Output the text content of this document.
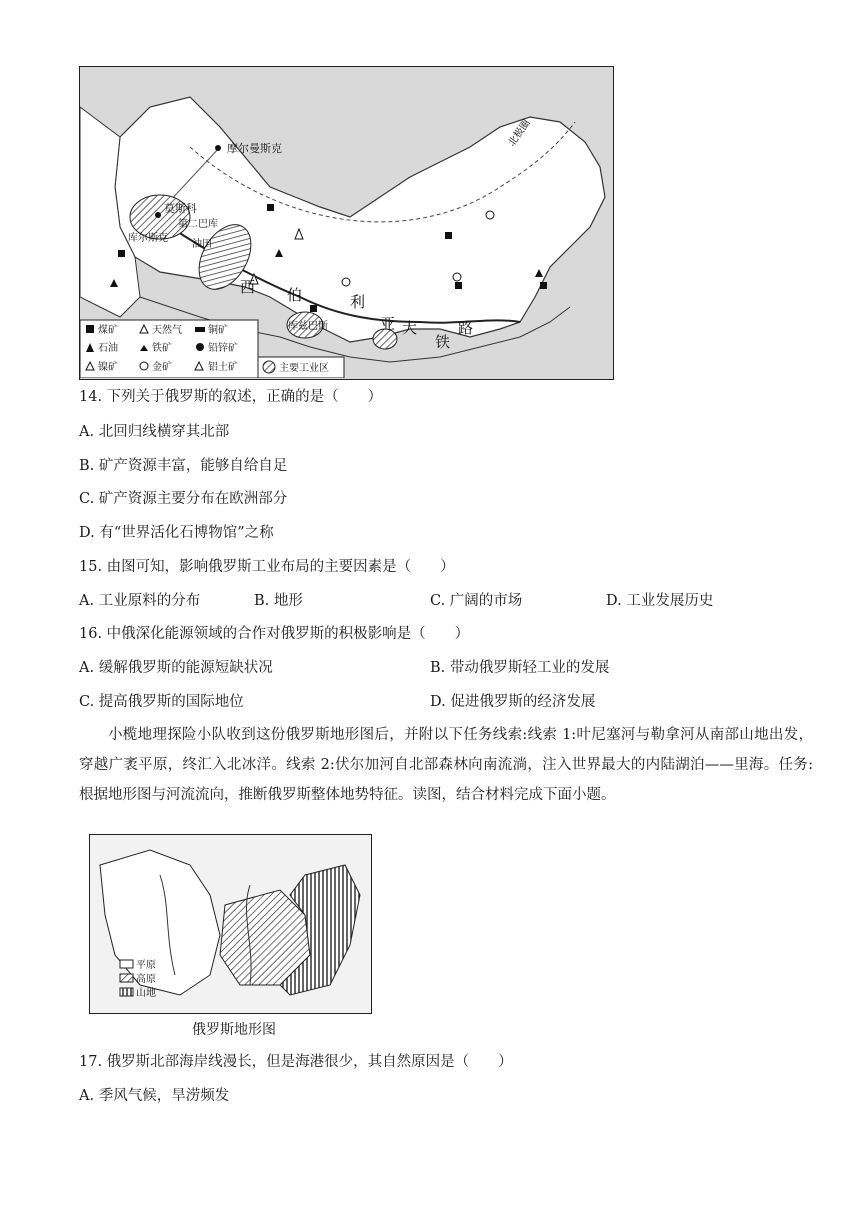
摩尔曼斯克
莫斯科
第二巴库
油田
库尔斯克
库兹巴斯
北极圈
西 伯	利
亚 大	路
铁
煤矿	天然气	铜矿
石油	铁矿	铅锌矿
镍矿	金矿	铝土矿	主要工业区
14. 下列关于俄罗斯的叙述，正确的是（　　）
A. 北回归线横穿其北部
B. 矿产资源丰富，能够自给自足
C. 矿产资源主要分布在欧洲部分
D. 有“世界活化石博物馆”之称
15. 由图可知，影响俄罗斯工业布局的主要因素是（　　）
A. 工业原料的分布	B. 地形	C. 广阔的市场	D. 工业发展历史
16. 中俄深化能源领域的合作对俄罗斯的积极影响是（　　）
A. 缓解俄罗斯的能源短缺状况	B. 带动俄罗斯轻工业的发展
C. 提高俄罗斯的国际地位	D. 促进俄罗斯的经济发展
小榄地理探险小队收到这份俄罗斯地形图后，并附以下任务线索:线索 1:叶尼塞河与勒拿河从南部山地出发，穿越广袤平原，终汇入北冰洋。线索 2:伏尔加河自北部森林向南流淌，注入世界最大的内陆湖泊——里海。任务:根据地形图与河流流向，推断俄罗斯整体地势特征。读图，结合材料完成下面小题。
平原
高原
山地
俄罗斯地形图
17. 俄罗斯北部海岸线漫长，但是海港很少，其自然原因是（　　）
A. 季风气候，旱涝频发
